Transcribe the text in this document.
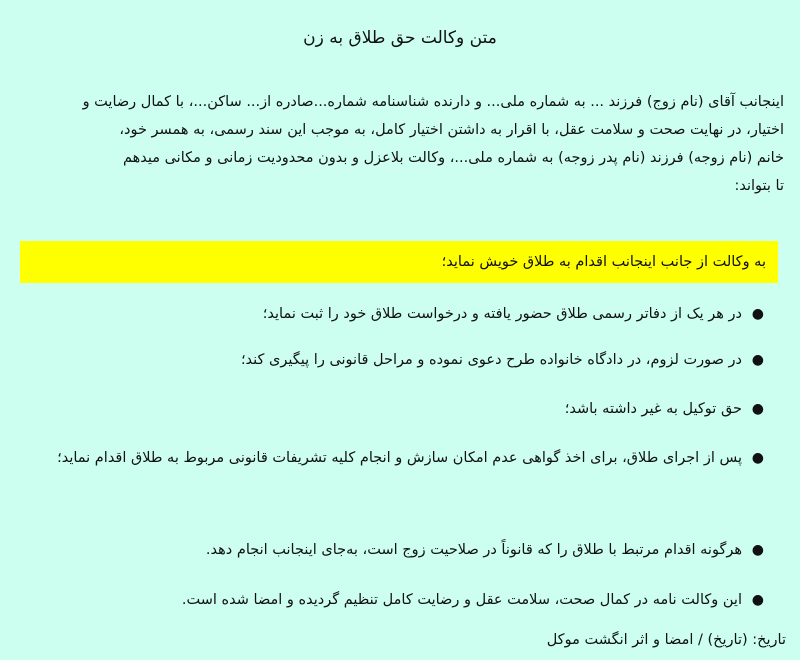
متن وکالت حق طلاق به زن

اینجانب آقای (نام زوج) فرزند ... به شماره ملی... و دارنده شناسنامه شماره...صادره از... ساکن...، با کمال رضایت و

اختیار، در نهایت صحت و سلامت عقل، با اقرار به داشتن اختیار کامل، به موجب این سند رسمی، به همسر خود،

خانم (نام زوجه) فرزند (نام پدر زوجه) به شماره ملی...، وکالت بلاعزل و بدون محدودیت زمانی و مکانی میدهم

تا بتواند:

به وکالت از جانب اینجانب اقدام به طلاق خویش نماید؛
●
در هر یک از دفاتر رسمی طلاق حضور یافته و درخواست طلاق خود را ثبت نماید؛
●
در صورت لزوم، در دادگاه خانواده طرح دعوی نموده و مراحل قانونی را پیگیری کند؛
●
حق توکیل به غیر داشته باشد؛
●
پس از اجرای طلاق، برای اخذ گواهی عدم امکان سازش و انجام کلیه تشریفات قانونی مربوط به طلاق اقدام نماید؛
●
هرگونه اقدام مرتبط با طلاق را که قانوناً در صلاحیت زوج است، به‌جای اینجانب انجام دهد.
●
این وکالت نامه در کمال صحت، سلامت عقل و رضایت کامل تنظیم گردیده و امضا شده است.
تاریخ: (تاریخ) / امضا و اثر انگشت موکل
